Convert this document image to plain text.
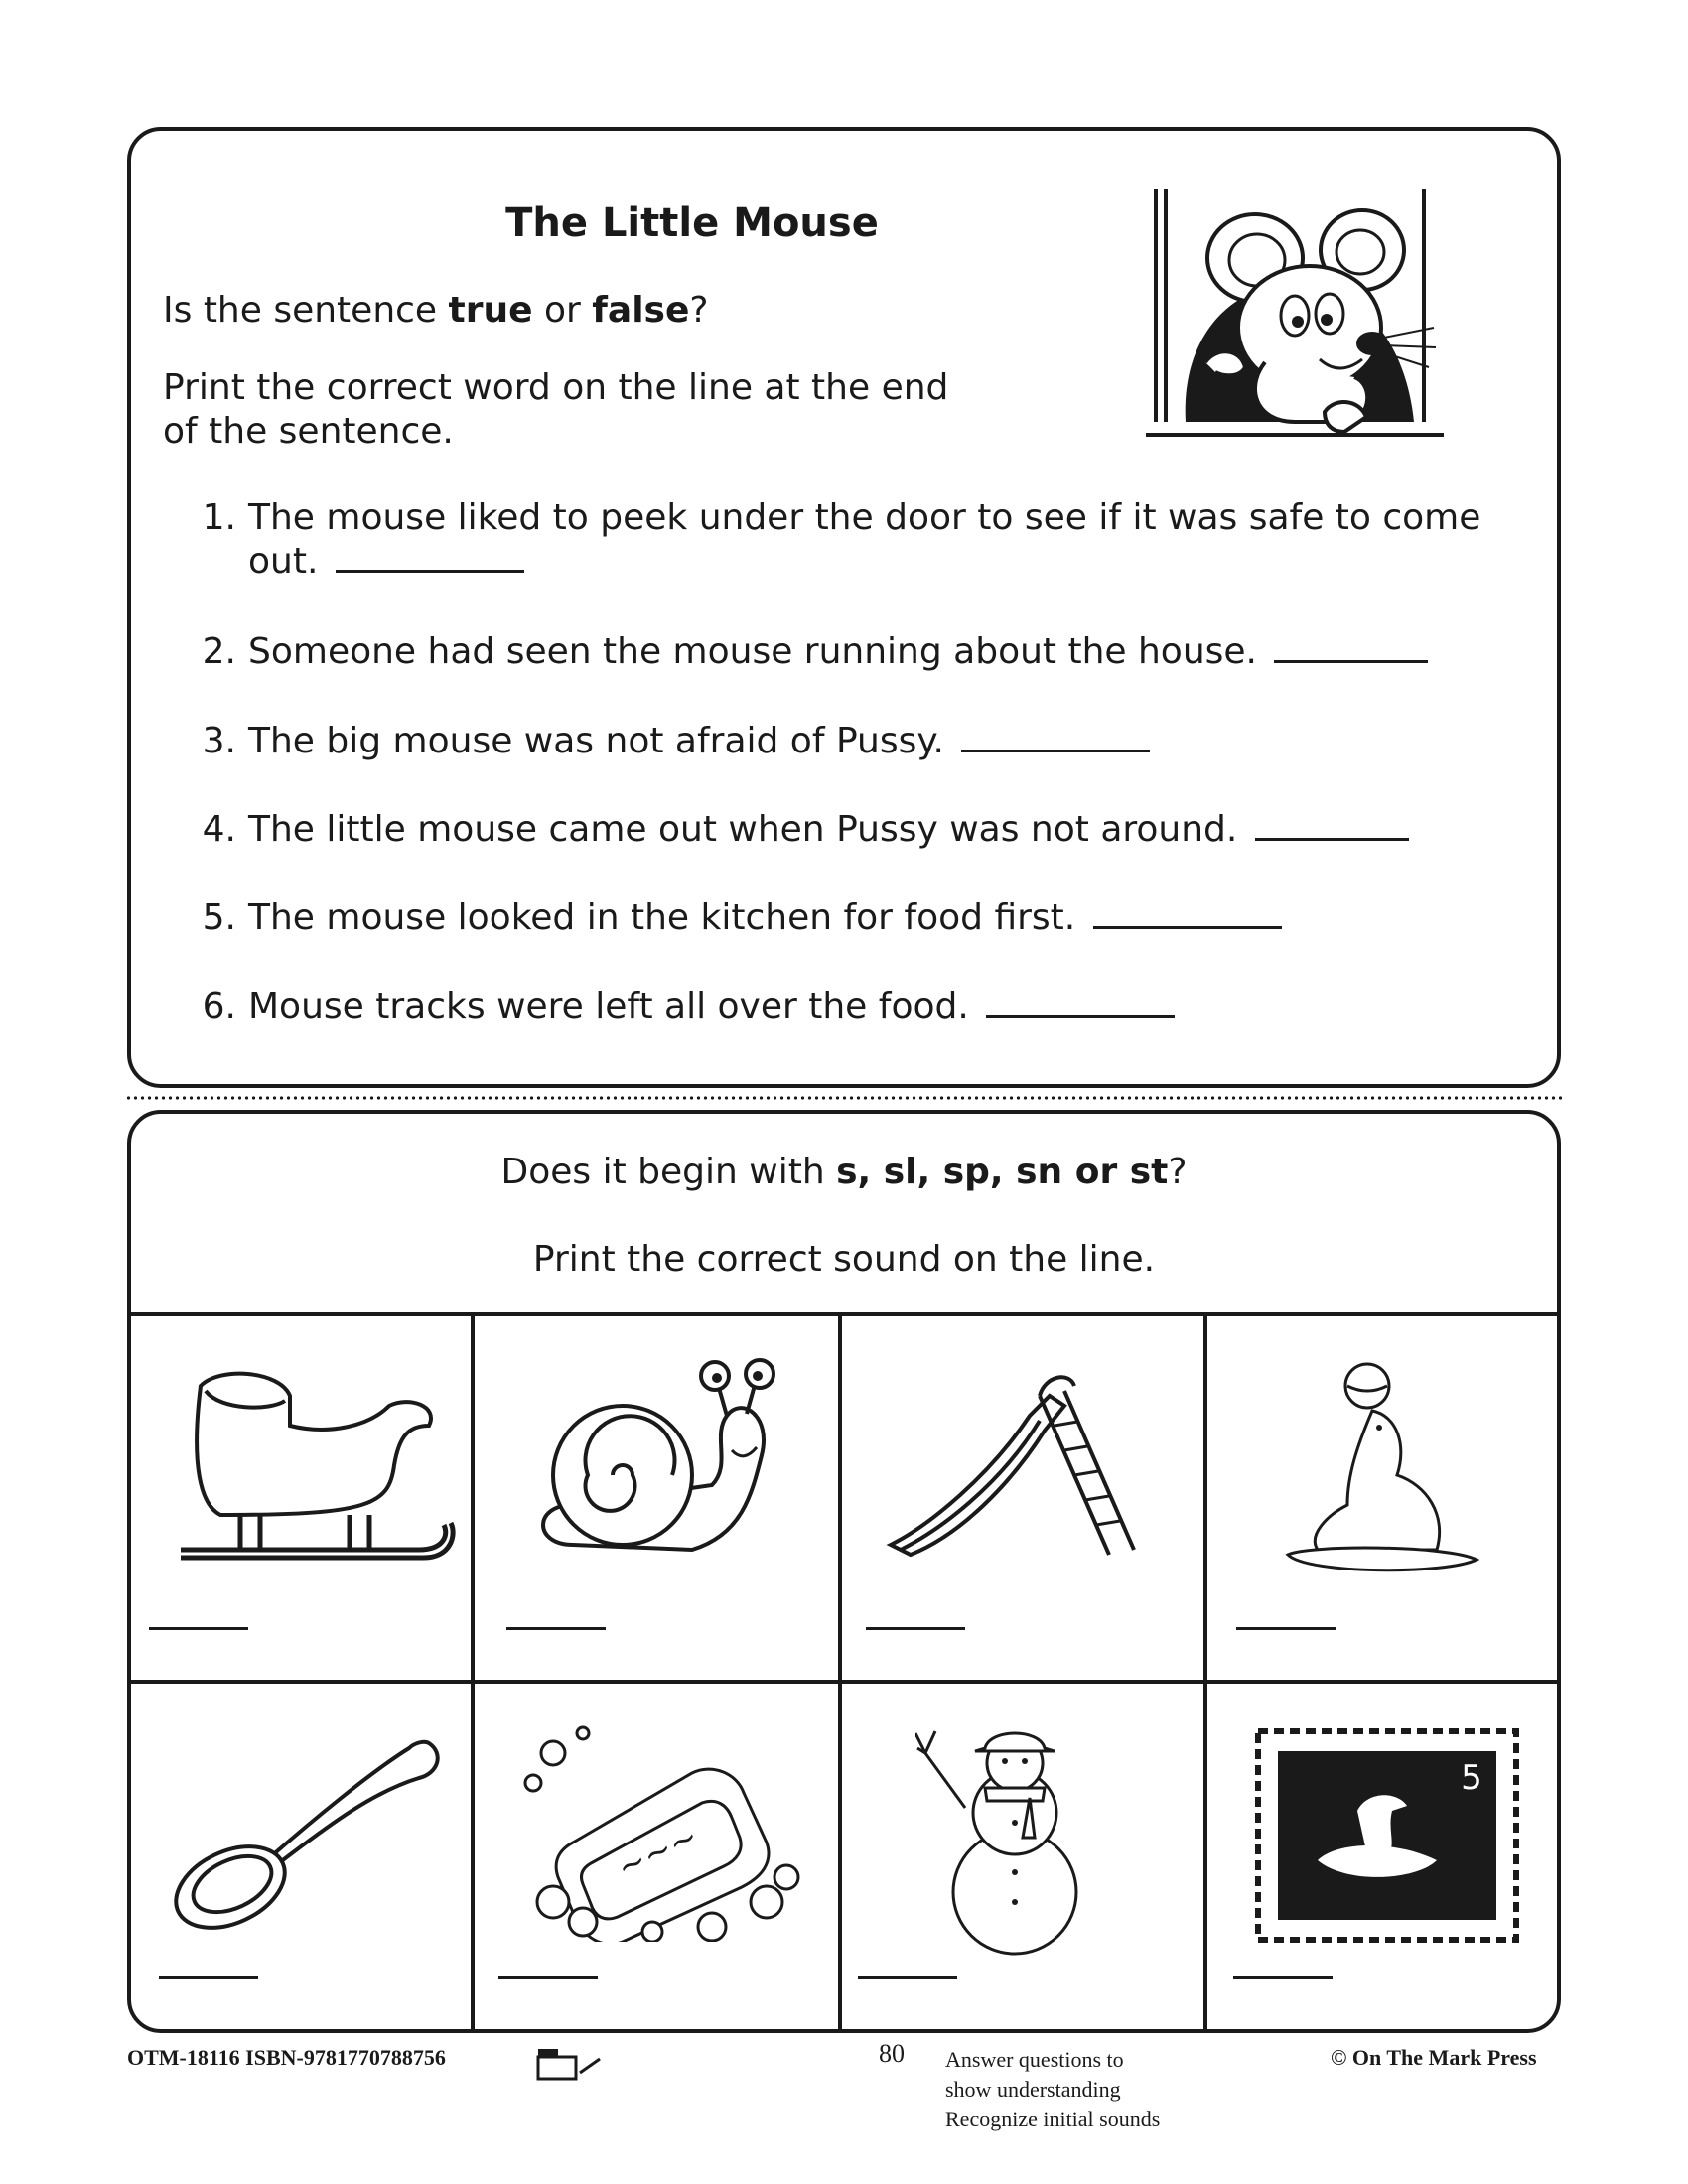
The Little Mouse
Is the sentence true or false?
Print the correct word on the line at the end
of the sentence.
1. The mouse liked to peek under the door to see if it was safe to come out.
2. Someone had seen the mouse running about the house.
3. The big mouse was not afraid of Pussy.
4. The little mouse came out when Pussy was not around.
5. The mouse looked in the kitchen for food first.
6. Mouse tracks were left all over the food.
Does it begin with s, sl, sp, sn or st?
Print the correct sound on the line.
~~~
5
OTM-18116 ISBN-9781770788756	80 Answer questions to
show understanding
Recognize initial sounds
© On The Mark Press
